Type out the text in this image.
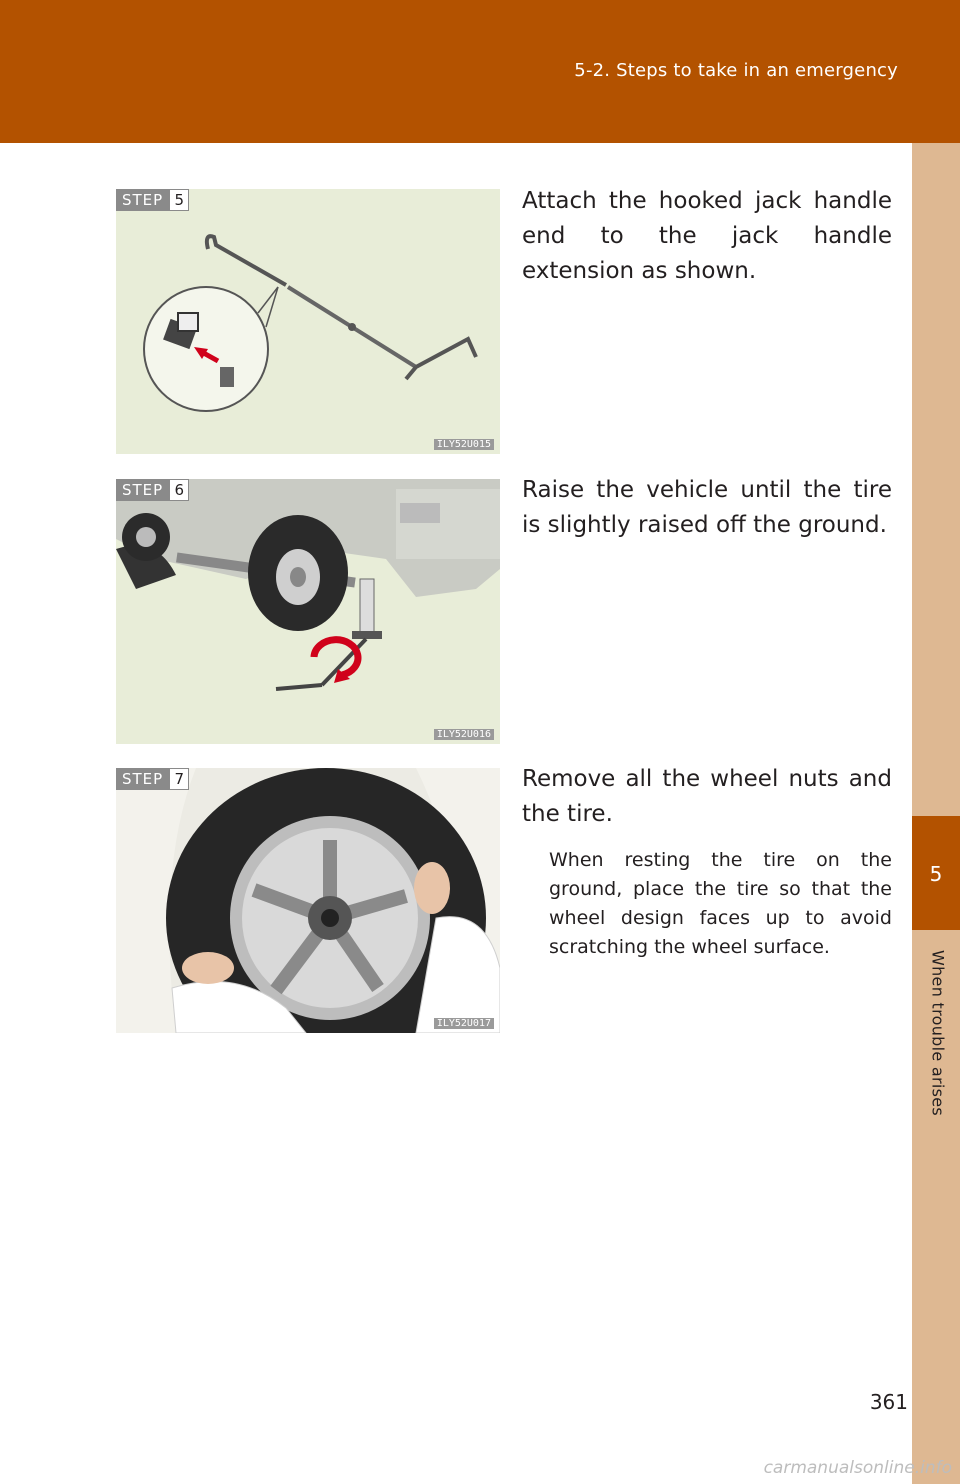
5-2. Steps to take in an emergency
5
When trouble arises
STEP 5
ILY52U015
Attach the hooked jack handle end to the jack handle extension as shown.
STEP 6
ILY52U016
Raise the vehicle until the tire is slightly raised off the ground.
STEP 7
ILY52U017
Remove all the wheel nuts and the tire.
When resting the tire on the ground, place the tire so that the wheel design faces up to avoid scratching the wheel surface.
361
carmanualsonline.info
